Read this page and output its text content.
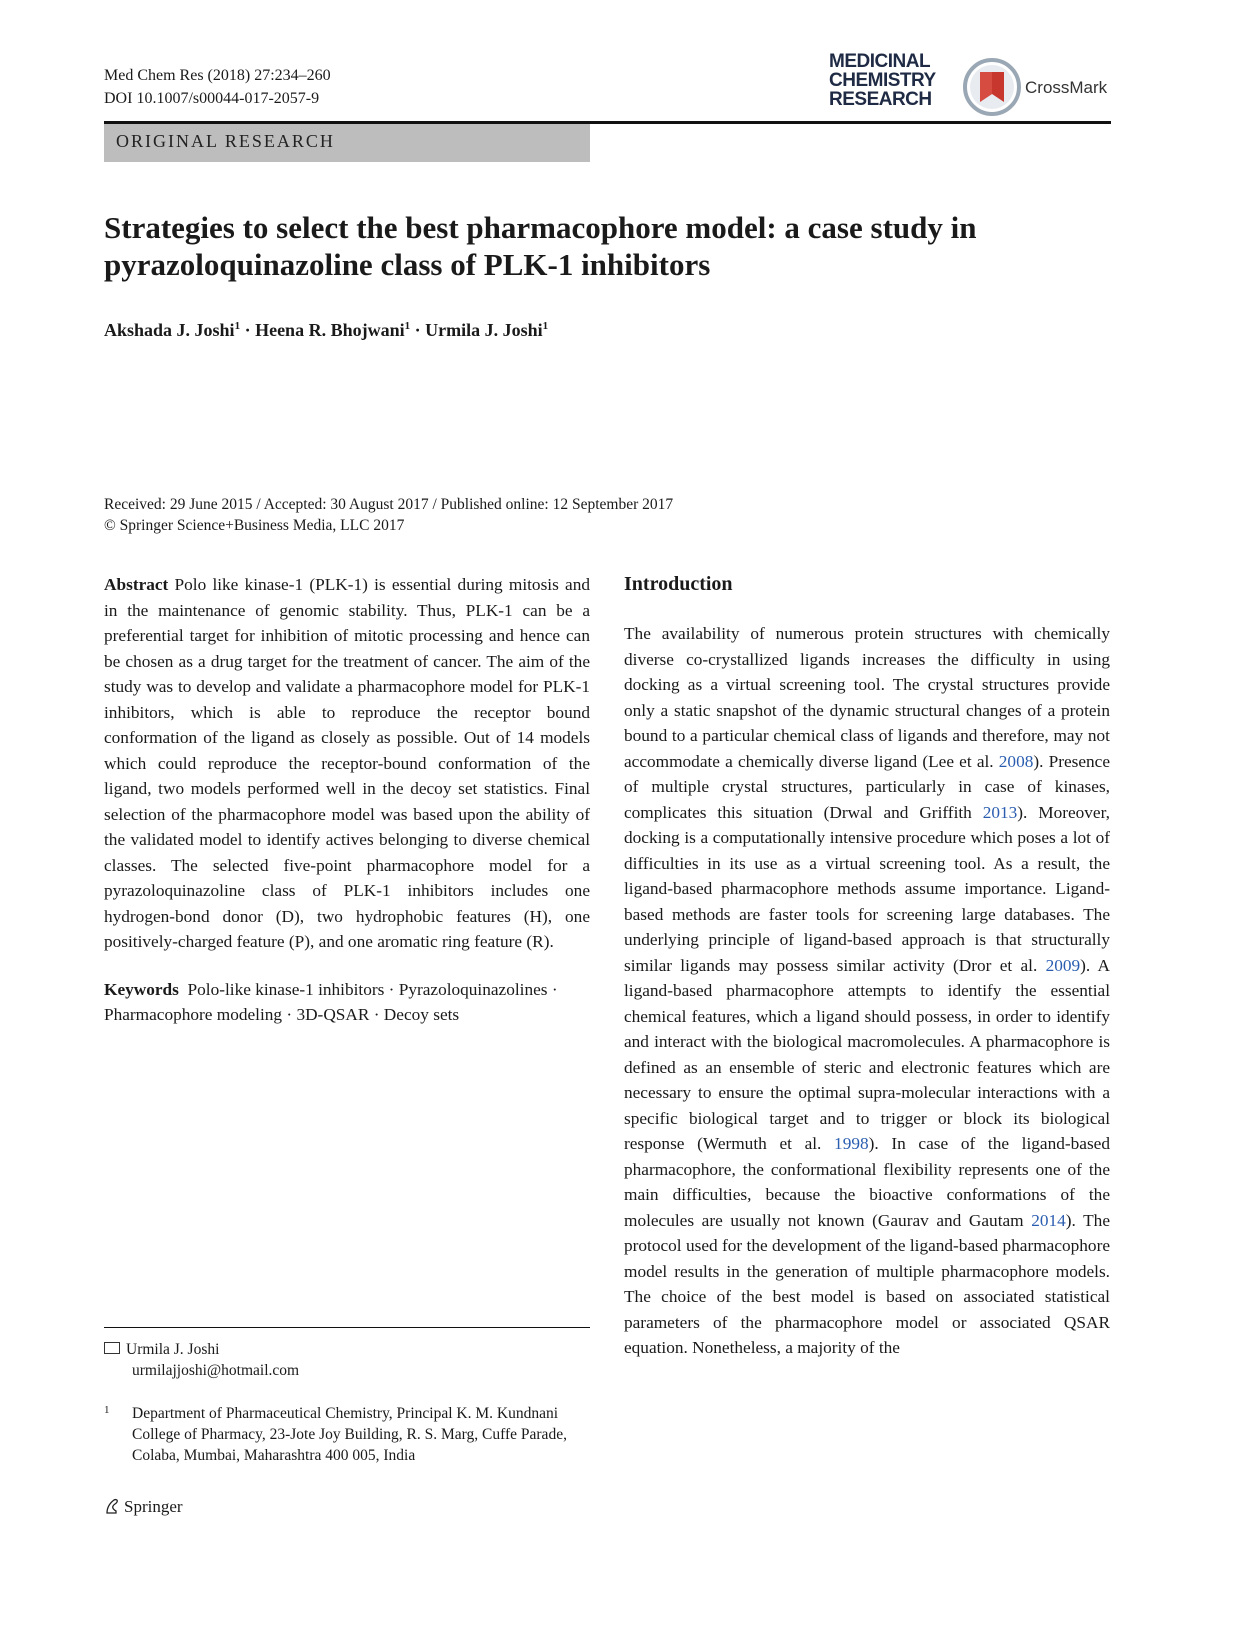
Med Chem Res (2018) 27:234–260
DOI 10.1007/s00044-017-2057-9
MEDICINAL
CHEMISTRY
RESEARCH
CrossMark
ORIGINAL RESEARCH
Strategies to select the best pharmacophore model: a case study in
pyrazoloquinazoline class of PLK-1 inhibitors
Akshada J. Joshi$^1$ · Heena R. Bhojwani$^1$ · Urmila J. Joshi$^1$
Received: 29 June 2015 / Accepted: 30 August 2017 / Published online: 12 September 2017
© Springer Science+Business Media, LLC 2017

Abstract Polo like kinase-1 (PLK-1) is essential during mitosis and in the maintenance of genomic stability. Thus, PLK-1 can be a preferential target for inhibition of mitotic processing and hence can be chosen as a drug target for the treatment of cancer. The aim of the study was to develop and validate a pharmacophore model for PLK-1 inhibitors, which is able to reproduce the receptor bound conformation of the ligand as closely as possible. Out of 14 models which could reproduce the receptor-bound conformation of the ligand, two models performed well in the decoy set statistics. Final selection of the pharmacophore model was based upon the ability of the validated model to identify actives belonging to diverse chemical classes. The selected five-point pharmacophore model for a pyrazoloquinazoline class of PLK-1 inhibitors includes one hydrogen-bond donor (D), two hydrophobic features (H), one positively-charged feature (P), and one aromatic ring feature (R).

Keywords Polo-like kinase-1 inhibitors · Pyrazoloquinazolines · Pharmacophore modeling · 3D-QSAR · Decoy sets

Introduction

The availability of numerous protein structures with chemically diverse co-crystallized ligands increases the difficulty in using docking as a virtual screening tool. The crystal structures provide only a static snapshot of the dynamic structural changes of a protein bound to a particular chemical class of ligands and therefore, may not accommodate a chemically diverse ligand (Lee et al. 2008). Presence of multiple crystal structures, particularly in case of kinases, complicates this situation (Drwal and Griffith 2013). Moreover, docking is a computationally intensive procedure which poses a lot of difficulties in its use as a virtual screening tool. As a result, the ligand-based pharmacophore methods assume importance. Ligand-based methods are faster tools for screening large databases. The underlying principle of ligand-based approach is that structurally similar ligands may possess similar activity (Dror et al. 2009). A ligand-based pharmacophore attempts to identify the essential chemical features, which a ligand should possess, in order to identify and interact with the biological macromolecules. A pharmacophore is defined as an ensemble of steric and electronic features which are necessary to ensure the optimal supra-molecular interactions with a specific biological target and to trigger or block its biological response (Wermuth et al. 1998). In case of the ligand-based pharmacophore, the conformational flexibility represents one of the main difficulties, because the bioactive conformations of the molecules are usually not known (Gaurav and Gautam 2014). The protocol used for the development of the ligand-based pharmacophore model results in the generation of multiple pharmacophore models. The choice of the best model is based on associated statistical parameters of the pharmacophore model or associated QSAR equation. Nonetheless, a majority of the

Urmila J. Joshi
urmilajjoshi@hotmail.com
1	Department of Pharmaceutical Chemistry, Principal K. M. Kundnani College of Pharmacy, 23-Jote Joy Building, R. S. Marg, Cuffe Parade, Colaba, Mumbai, Maharashtra 400 005, India
Springer
